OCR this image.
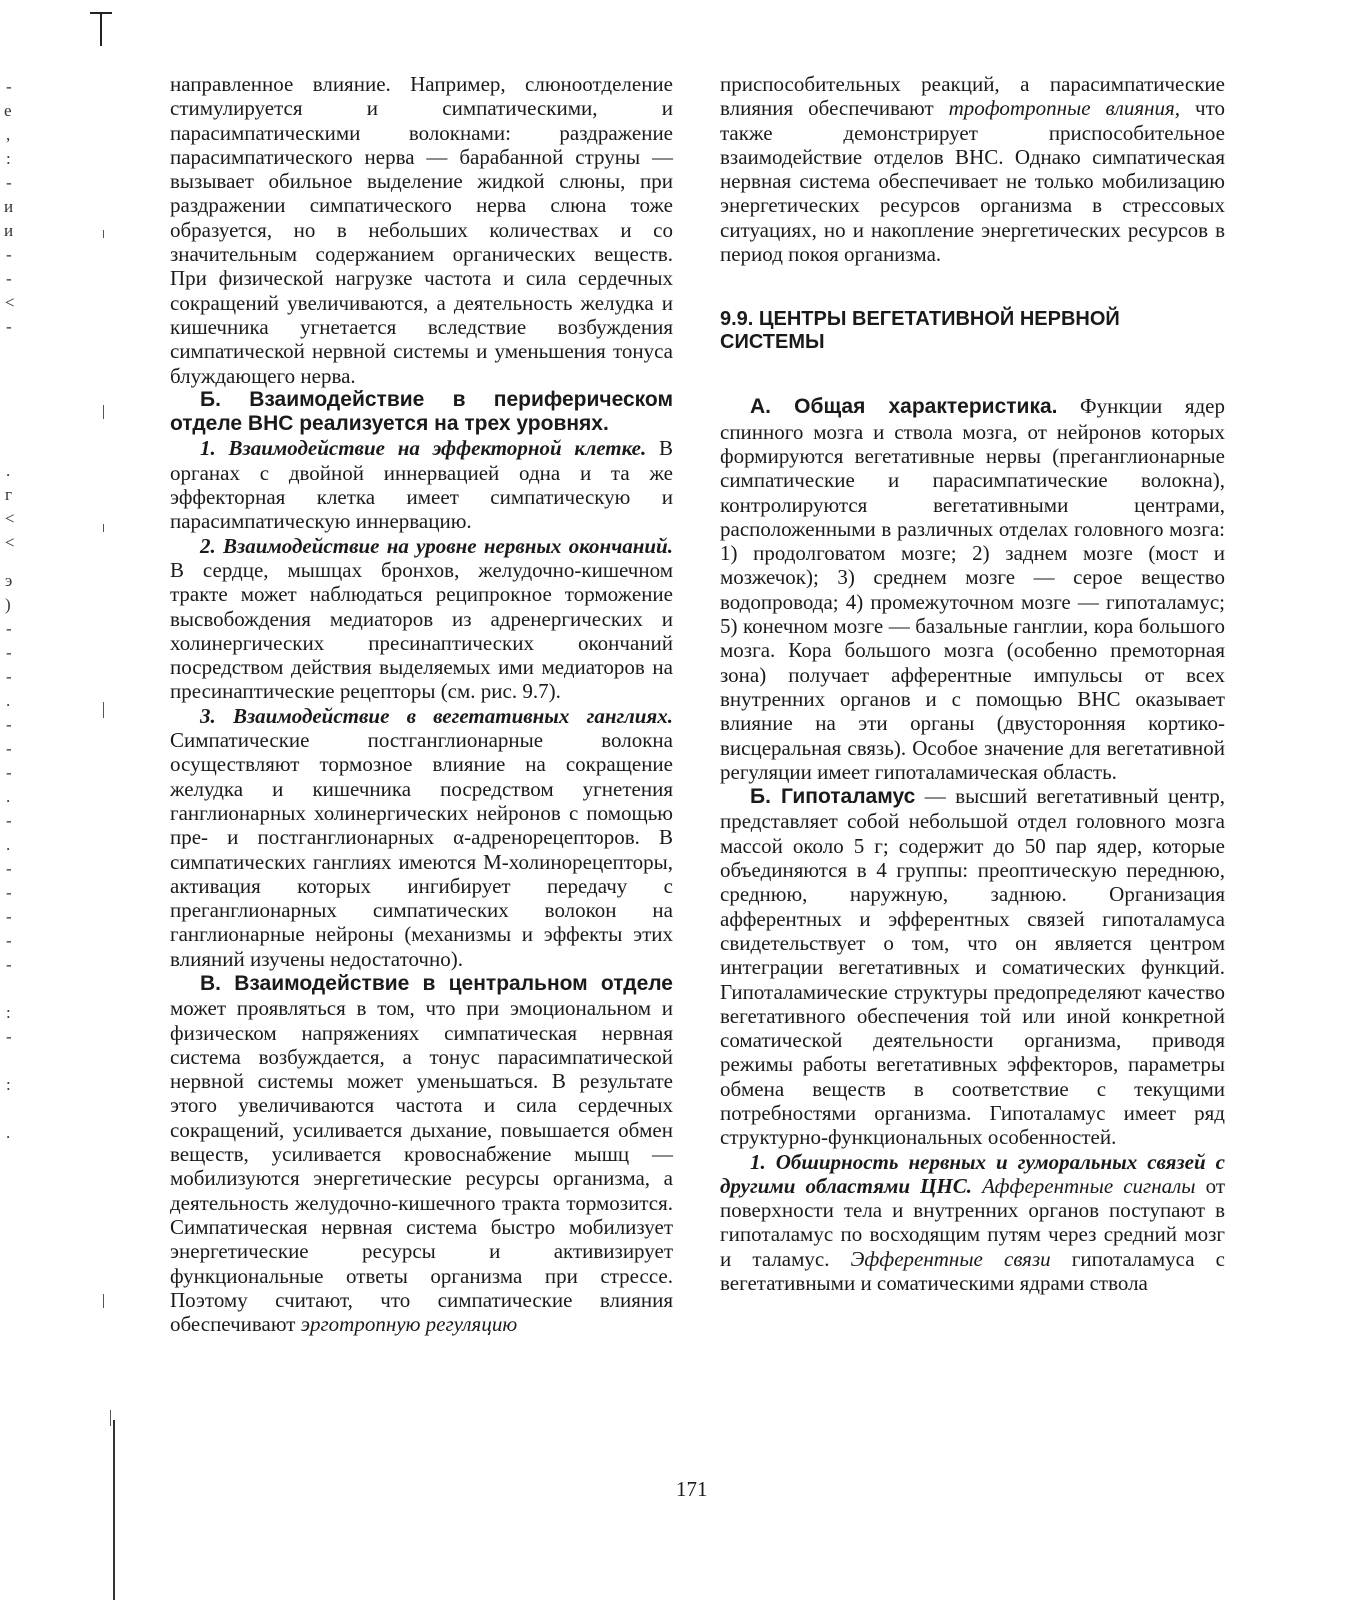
-
е
,
:
-
и
и
-
-
<
-
.
г
<
<
э
)
-
-
-
.
-
-
-
.
-
.
-
-
-
-
-
:
-
:
.

направленное влияние. Например, слюноотделение стимулируется и симпатическими, и парасимпатическими волокнами: раздражение парасимпатического нерва — барабанной струны — вызывает обильное выделение жидкой слюны, при раздражении симпатического нерва слюна тоже образуется, но в небольших количествах и со значительным содержанием органических веществ. При физической нагрузке частота и сила сердечных сокращений увеличиваются, а деятельность желудка и кишечника угнетается вследствие возбуждения симпатической нервной системы и уменьшения тонуса блуждающего нерва.

Б. Взаимодействие в периферическом отделе ВНС реализуется на трех уровнях.

1. Взаимодействие на эффекторной клетке. В органах с двойной иннервацией одна и та же эффекторная клетка имеет симпатическую и парасимпатическую иннервацию.

2. Взаимодействие на уровне нервных окончаний. В сердце, мышцах бронхов, желудочно-кишечном тракте может наблюдаться реципрокное торможение высвобождения медиаторов из адренергических и холинергических пресинаптических окончаний посредством действия выделяемых ими медиаторов на пресинаптические рецепторы (см. рис. 9.7).

3. Взаимодействие в вегетативных ганглиях. Симпатические постганглионарные волокна осуществляют тормозное влияние на сокращение желудка и кишечника посредством угнетения ганглионарных холинергических нейронов с помощью пре- и постганглионарных α-адренорецепторов. В симпатических ганглиях имеются М-холинорецепторы, активация которых ингибирует передачу с преганглионарных симпатических волокон на ганглионарные нейроны (механизмы и эффекты этих влияний изучены недостаточно).

В. Взаимодействие в центральном отделе может проявляться в том, что при эмоциональном и физическом напряжениях симпатическая нервная система возбуждается, а тонус парасимпатической нервной системы может уменьшаться. В результате этого увеличиваются частота и сила сердечных сокращений, усиливается дыхание, повышается обмен веществ, усиливается кровоснабжение мышц — мобилизуются энергетические ресурсы организма, а деятельность желудочно-кишечного тракта тормозится. Симпатическая нервная система быстро мобилизует энергетические ресурсы и активизирует функциональные ответы организма при стрессе. Поэтому считают, что симпатические влияния обеспечивают эрготропную регуляцию

приспособительных реакций, а парасимпатические влияния обеспечивают трофотропные влияния, что также демонстрирует приспособительное взаимодействие отделов ВНС. Однако симпатическая нервная система обеспечивает не только мобилизацию энергетических ресурсов организма в стрессовых ситуациях, но и накопление энергетических ресурсов в период покоя организма.

9.9. ЦЕНТРЫ ВЕГЕТАТИВНОЙ НЕРВНОЙ СИСТЕМЫ

А. Общая характеристика. Функции ядер спинного мозга и ствола мозга, от нейронов которых формируются вегетативные нервы (преганглионарные симпатические и парасимпатические волокна), контролируются вегетативными центрами, расположенными в различных отделах головного мозга: 1) продолговатом мозге; 2) заднем мозге (мост и мозжечок); 3) среднем мозге — серое вещество водопровода; 4) промежуточном мозге — гипоталамус; 5) конечном мозге — базальные ганглии, кора большого мозга. Кора большого мозга (особенно премоторная зона) получает афферентные импульсы от всех внутренних органов и с помощью ВНС оказывает влияние на эти органы (двусторонняя кортико-висцеральная связь). Особое значение для вегетативной регуляции имеет гипоталамическая область.

Б. Гипоталамус — высший вегетативный центр, представляет собой небольшой отдел головного мозга массой около 5 г; содержит до 50 пар ядер, которые объединяются в 4 группы: преоптическую переднюю, среднюю, наружную, заднюю. Организация афферентных и эфферентных связей гипоталамуса свидетельствует о том, что он является центром интеграции вегетативных и соматических функций. Гипоталамические структуры предопределяют качество вегетативного обеспечения той или иной конкретной соматической деятельности организма, приводя режимы работы вегетативных эффекторов, параметры обмена веществ в соответствие с текущими потребностями организма. Гипоталамус имеет ряд структурно-функциональных особенностей.

1. Обширность нервных и гуморальных связей с другими областями ЦНС. Афферентные сигналы от поверхности тела и внутренних органов поступают в гипоталамус по восходящим путям через средний мозг и таламус. Эфферентные связи гипоталамуса с вегетативными и соматическими ядрами ствола

171
